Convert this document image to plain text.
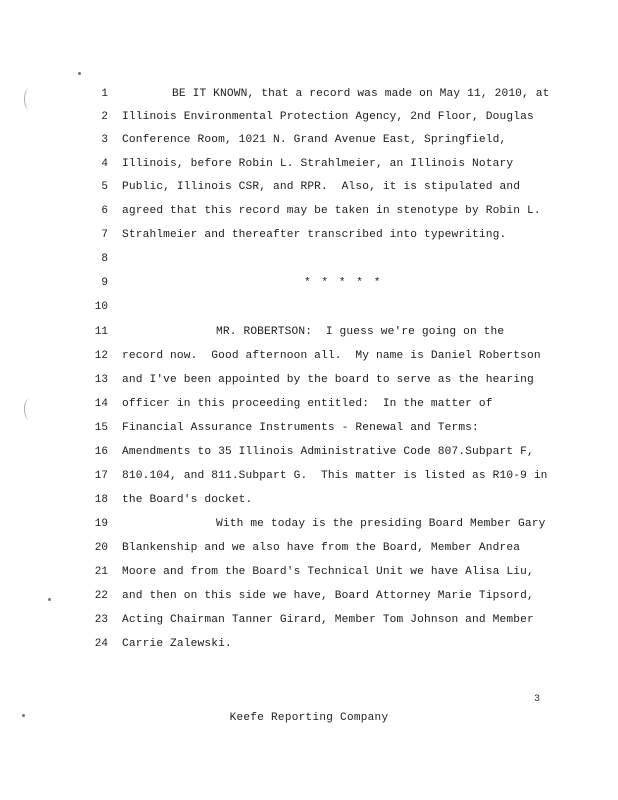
1	BE IT KNOWN, that a record was made on May 11, 2010, at
2 Illinois Environmental Protection Agency, 2nd Floor, Douglas
3 Conference Room, 1021 N. Grand Avenue East, Springfield,
4 Illinois, before Robin L. Strahlmeier, an Illinois Notary
5 Public, Illinois CSR, and RPR.  Also, it is stipulated and
6 agreed that this record may be taken in stenotype by Robin L.
7 Strahlmeier and thereafter transcribed into typewriting.
8
9	* * * * *
10
11	MR. ROBERTSON:  I guess we're going on the
12 record now.  Good afternoon all.  My name is Daniel Robertson
13 and I've been appointed by the board to serve as the hearing
14 officer in this proceeding entitled:  In the matter of
15 Financial Assurance Instruments - Renewal and Terms:
16 Amendments to 35 Illinois Administrative Code 807.Subpart F,
17 810.104, and 811.Subpart G.  This matter is listed as R10-9 in
18 the Board's docket.
19	With me today is the presiding Board Member Gary
20 Blankenship and we also have from the Board, Member Andrea
21 Moore and from the Board's Technical Unit we have Alisa Liu,
22 and then on this side we have, Board Attorney Marie Tipsord,
23 Acting Chairman Tanner Girard, Member Tom Johnson and Member
24 Carrie Zalewski.
3
Keefe Reporting Company
